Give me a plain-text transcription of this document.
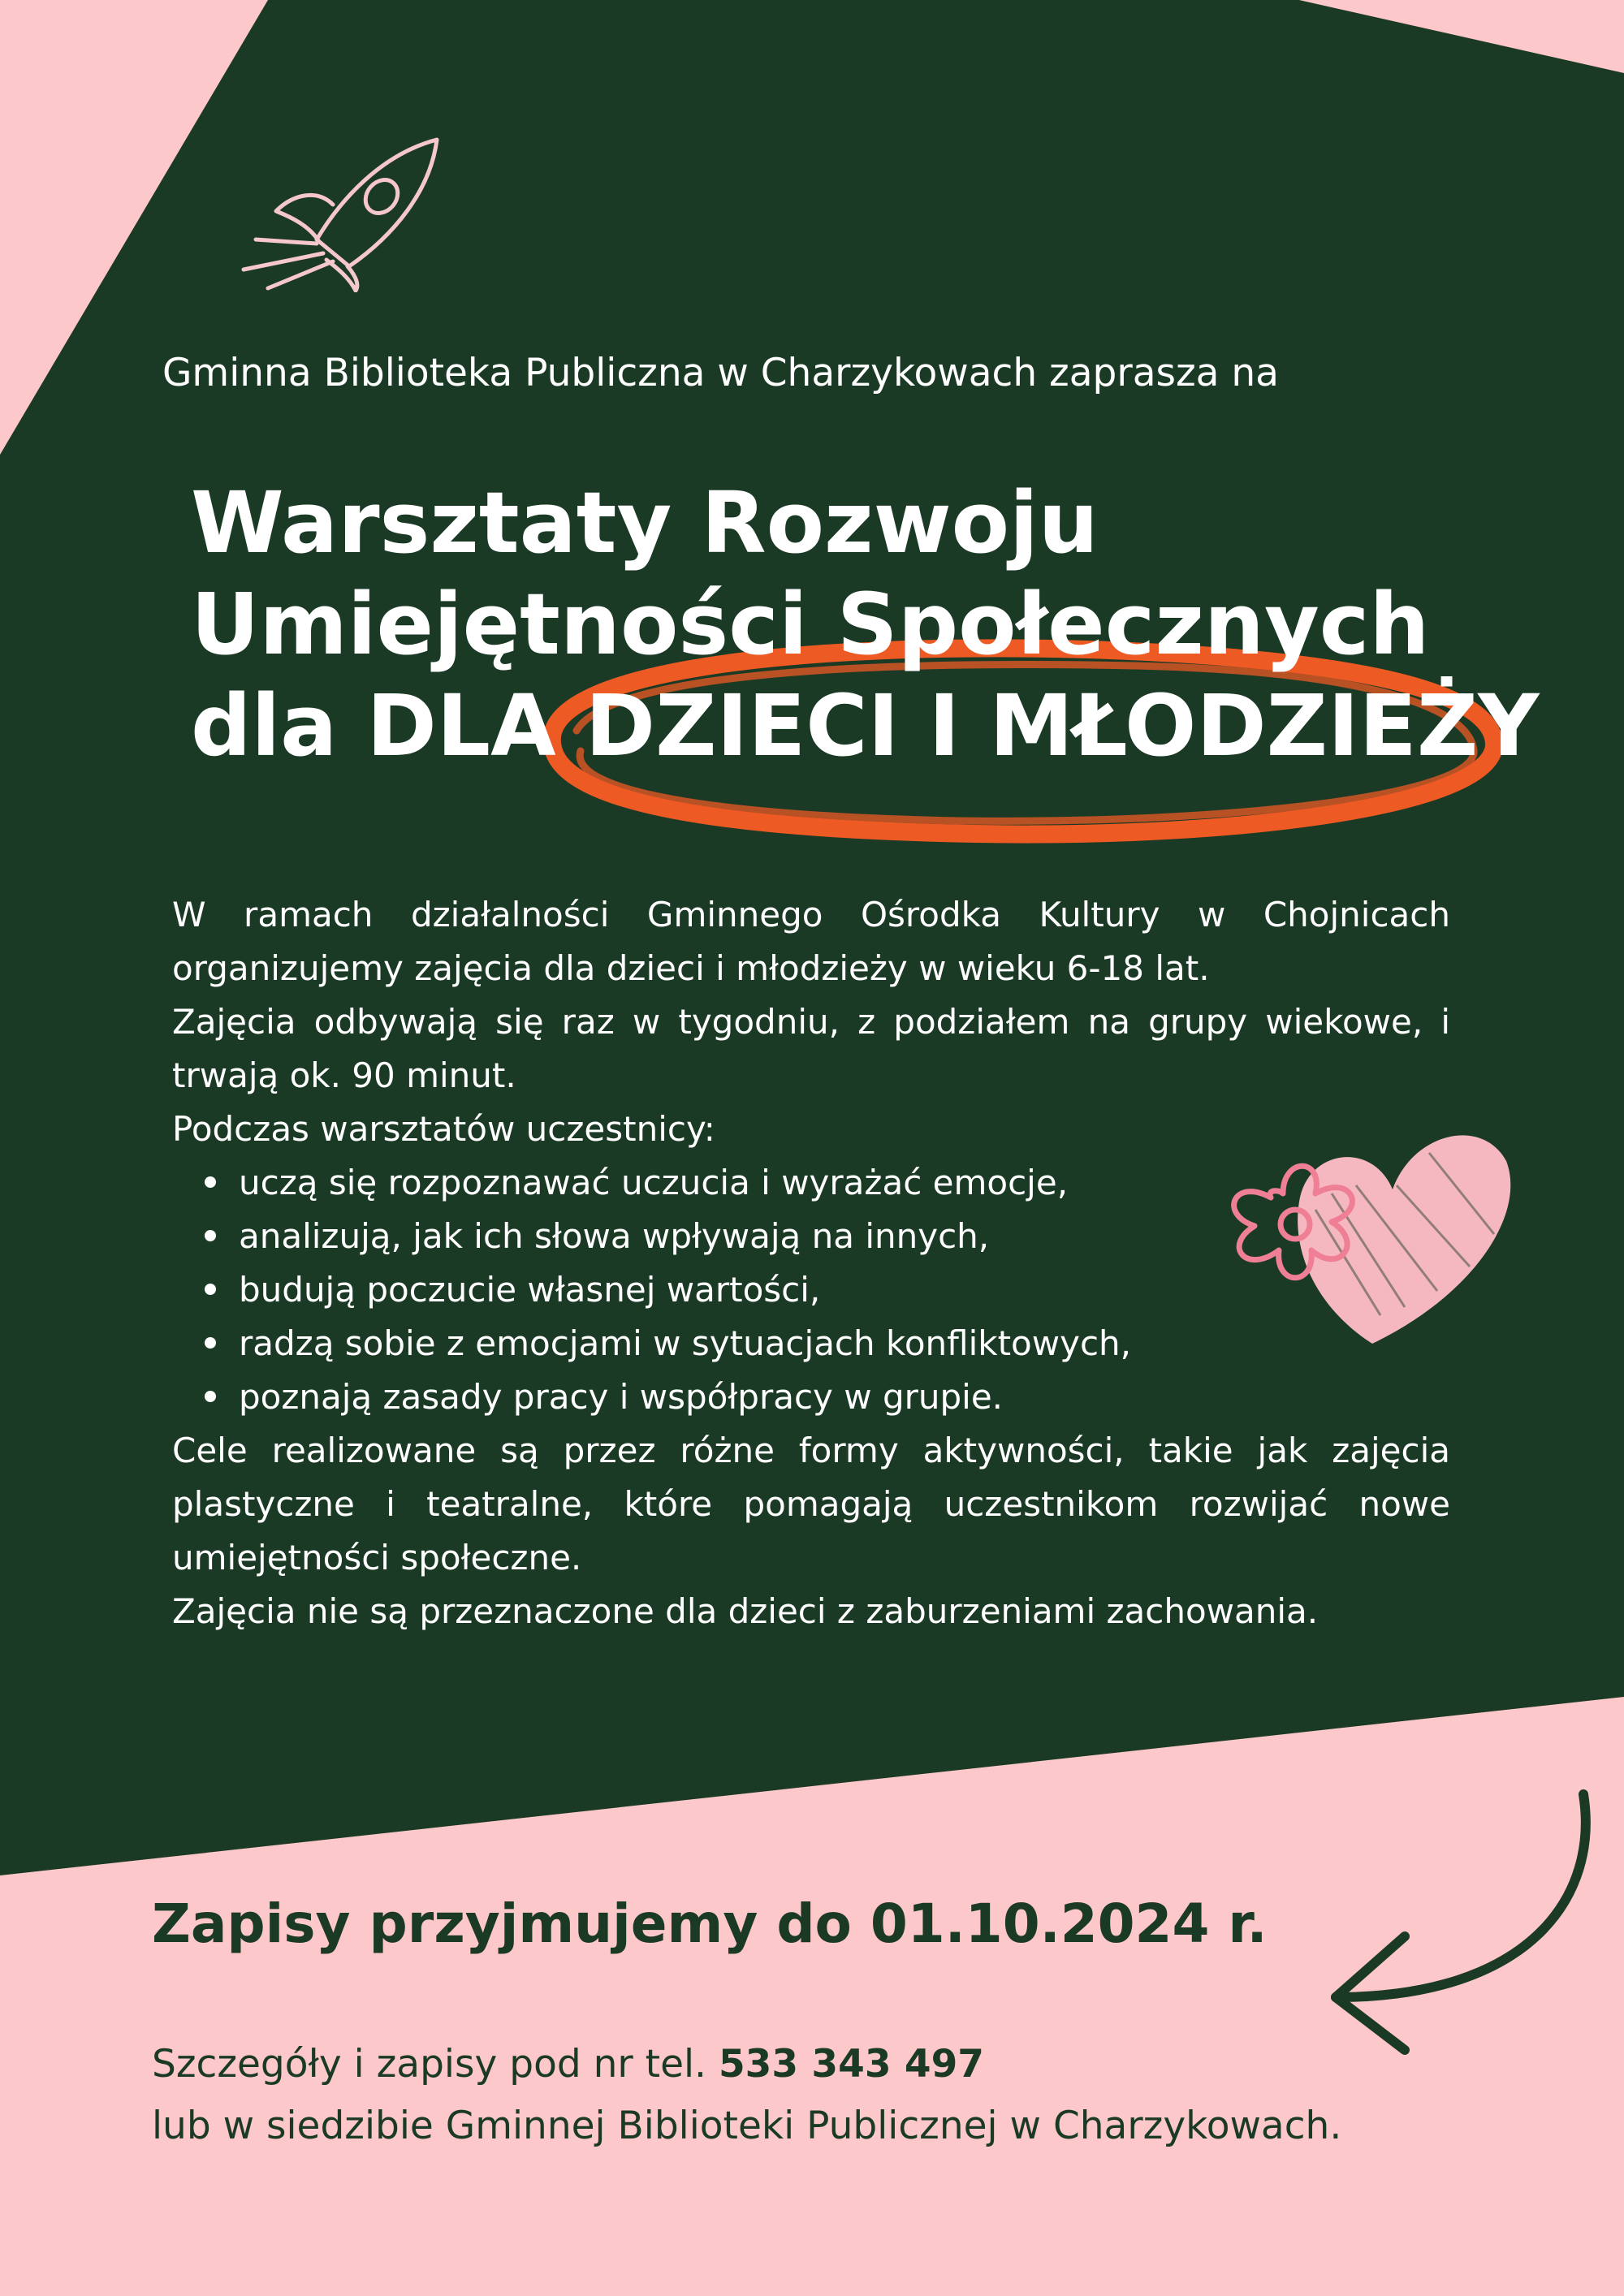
Gminna Biblioteka Publiczna w Charzykowach zaprasza na
Warsztaty Rozwoju
Umiejętności Społecznych
dla DLA DZIECI I MŁODZIEŻY

W ramach działalności Gminnego Ośrodka Kultury w Chojnicach organizujemy zajęcia dla dzieci i młodzieży w wieku 6-18 lat.

Zajęcia odbywają się raz w tygodniu, z podziałem na grupy wiekowe, i trwają ok. 90 minut.

Podczas warsztatów uczestnicy:

uczą się rozpoznawać uczucia i wyrażać emocje,
analizują, jak ich słowa wpływają na innych,
budują poczucie własnej wartości,
radzą sobie z emocjami w sytuacjach konfliktowych,
poznają zasady pracy i współpracy w grupie.

Cele realizowane są przez różne formy aktywności, takie jak zajęcia plastyczne i teatralne, które pomagają uczestnikom rozwijać nowe umiejętności społeczne.

Zajęcia nie są przeznaczone dla dzieci z zaburzeniami zachowania.

Zapisy przyjmujemy do 01.10.2024 r.
Szczegóły i zapisy pod nr tel. 533 343 497
lub w siedzibie Gminnej Biblioteki Publicznej w Charzykowach.
